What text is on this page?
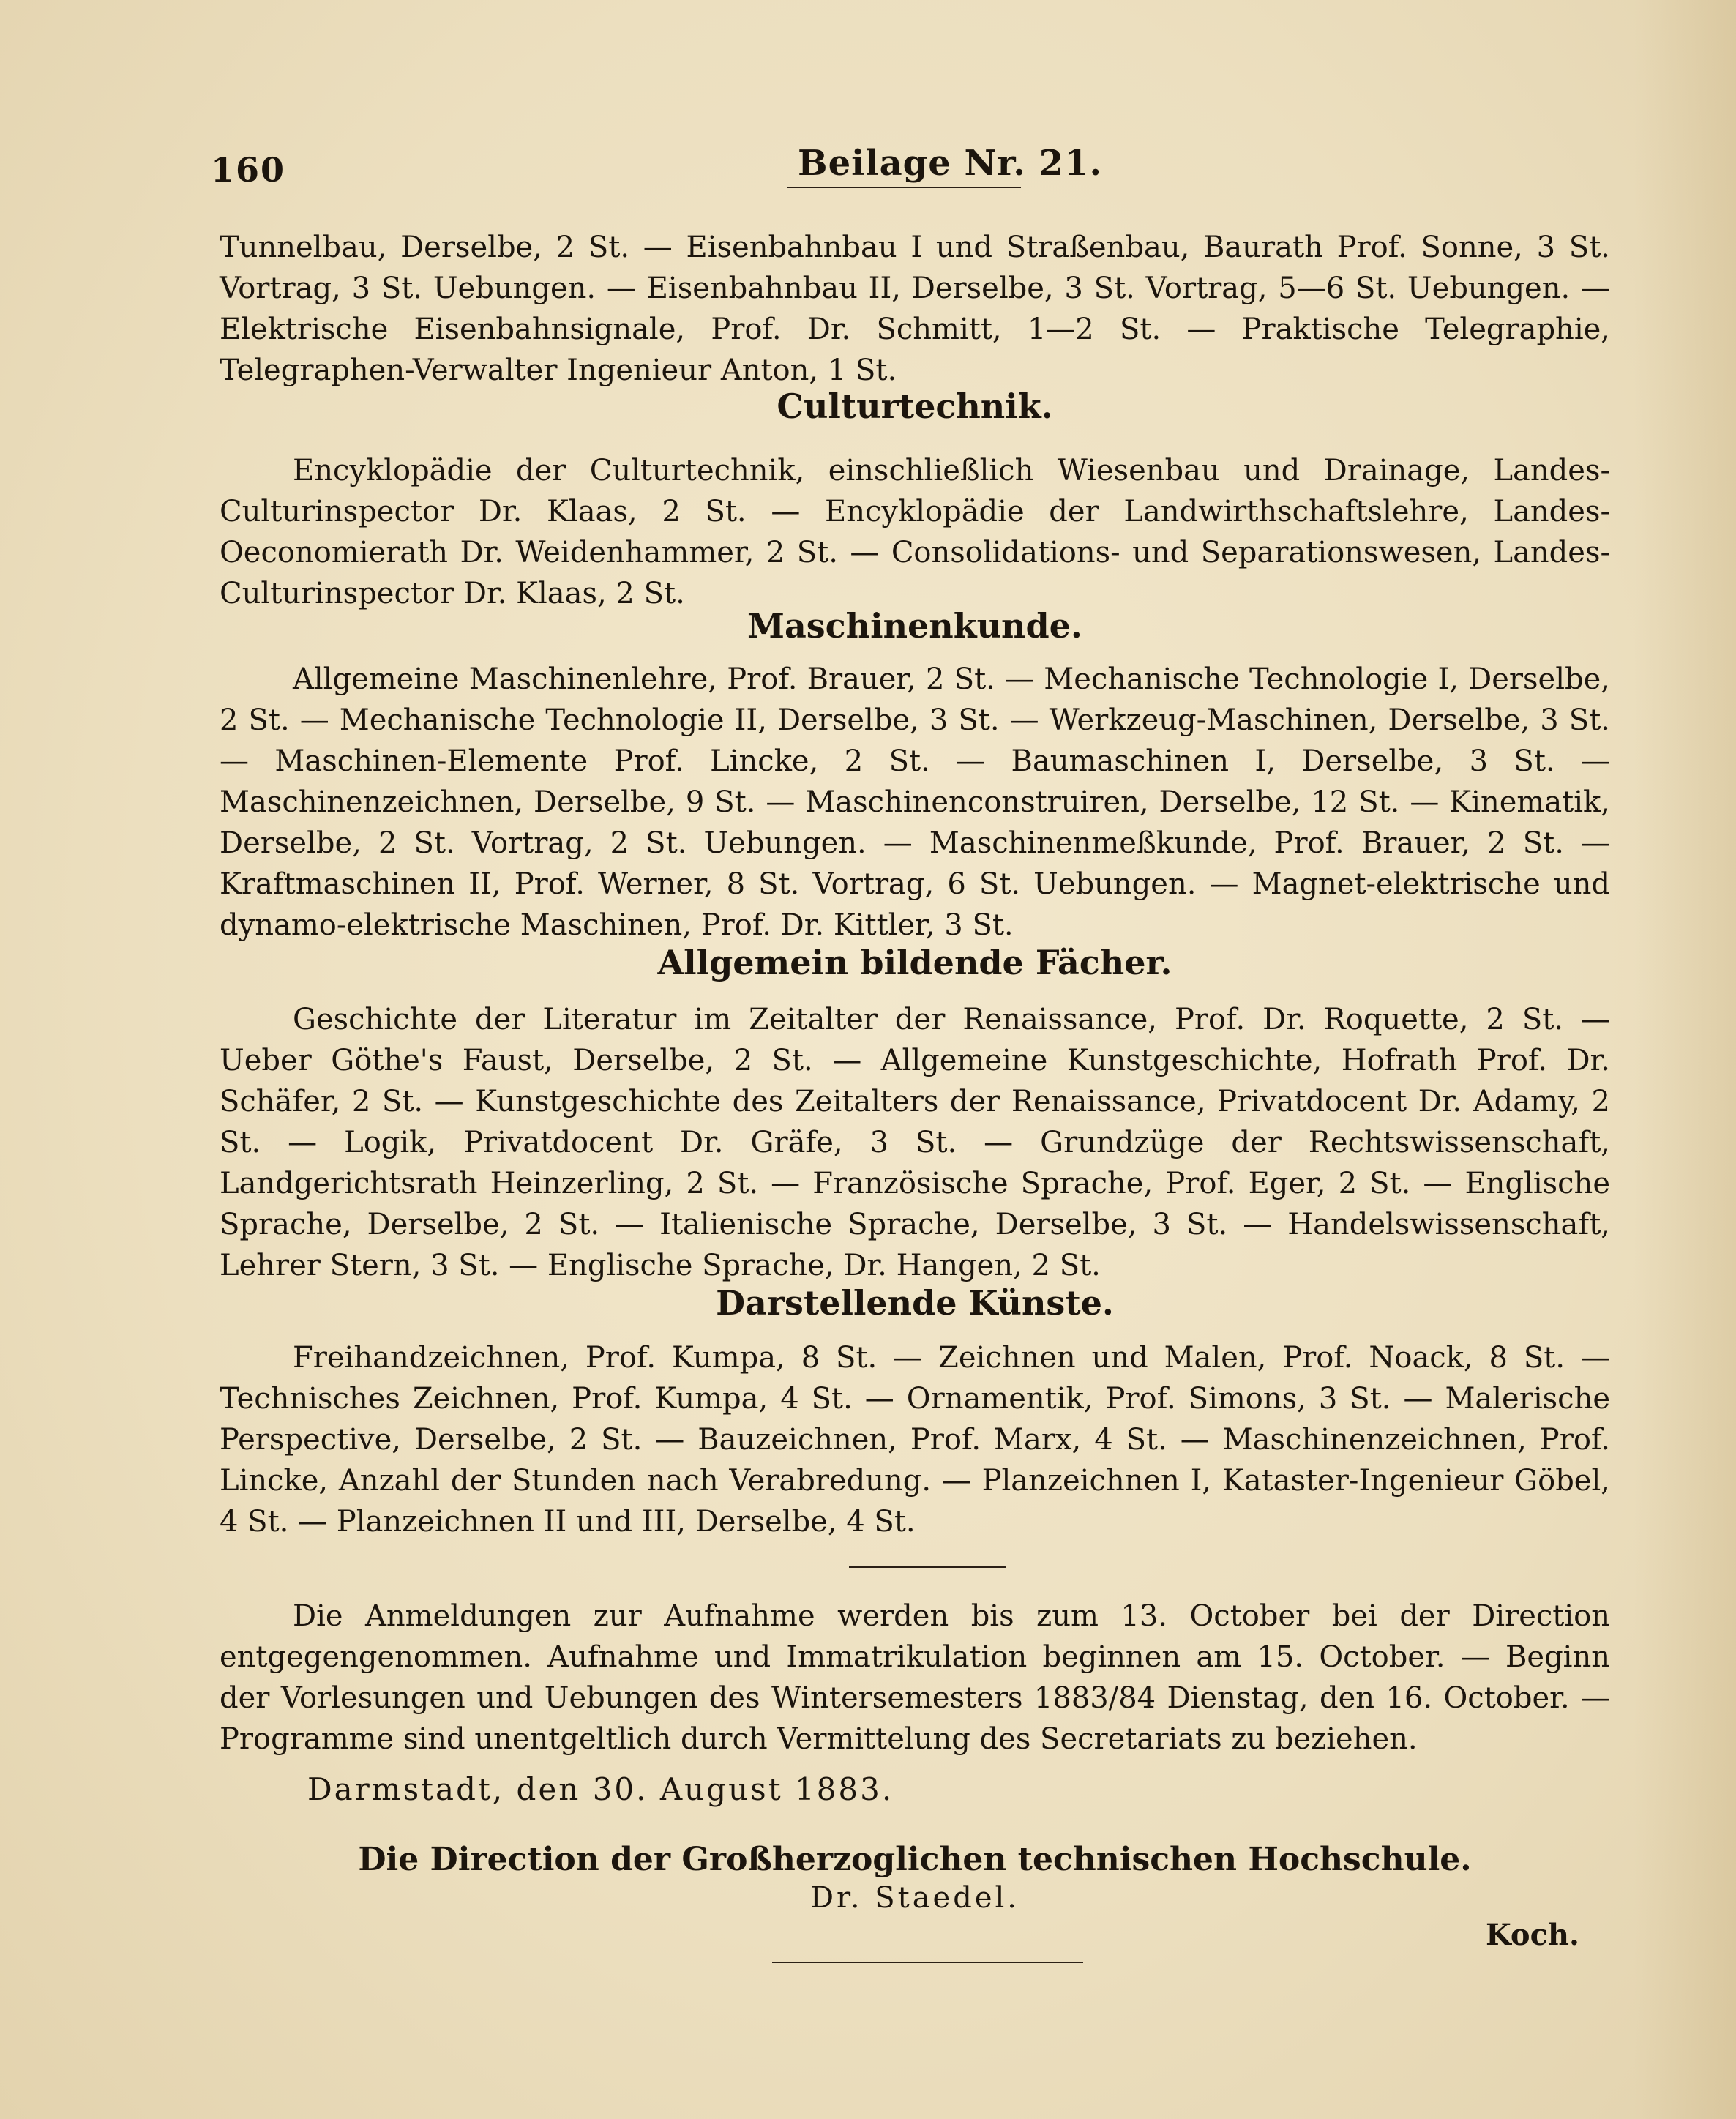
160	Beilage Nr. 21.

Tunnelbau, Derselbe, 2 St. — Eisenbahnbau I und Straßenbau, Baurath Prof. Sonne, 3 St. Vortrag, 3 St. Uebungen. — Eisenbahnbau II, Derselbe, 3 St. Vortrag, 5—6 St. Uebungen. — Elektrische Eisenbahnsignale, Prof. Dr. Schmitt, 1—2 St. — Praktische Telegraphie, Telegraphen-Verwalter Ingenieur Anton, 1 St.

Culturtechnik.

Encyklopädie der Culturtechnik, einschließlich Wiesenbau und Drainage, Landes-Culturinspector Dr. Klaas, 2 St. — Encyklopädie der Landwirthschaftslehre, Landes-Oeconomierath Dr. Weidenhammer, 2 St. — Consolidations- und Separationswesen, Landes-Culturinspector Dr. Klaas, 2 St.

Maschinenkunde.

Allgemeine Maschinenlehre, Prof. Brauer, 2 St. — Mechanische Technologie I, Derselbe, 2 St. — Mechanische Technologie II, Derselbe, 3 St. — Werkzeug-Maschinen, Derselbe, 3 St. — Maschinen-Elemente Prof. Lincke, 2 St. — Baumaschinen I, Derselbe, 3 St. — Maschinenzeichnen, Derselbe, 9 St. — Maschinenconstruiren, Derselbe, 12 St. — Kinematik, Derselbe, 2 St. Vortrag, 2 St. Uebungen. — Maschinenmeßkunde, Prof. Brauer, 2 St. — Kraftmaschinen II, Prof. Werner, 8 St. Vortrag, 6 St. Uebungen. — Magnet-elektrische und dynamo-elektrische Maschinen, Prof. Dr. Kittler, 3 St.

Allgemein bildende Fächer.

Geschichte der Literatur im Zeitalter der Renaissance, Prof. Dr. Roquette, 2 St. — Ueber Göthe's Faust, Derselbe, 2 St. — Allgemeine Kunstgeschichte, Hofrath Prof. Dr. Schäfer, 2 St. — Kunstgeschichte des Zeitalters der Renaissance, Privatdocent Dr. Adamy, 2 St. — Logik, Privatdocent Dr. Gräfe, 3 St. — Grundzüge der Rechtswissenschaft, Landgerichtsrath Heinzerling, 2 St. — Französische Sprache, Prof. Eger, 2 St. — Englische Sprache, Derselbe, 2 St. — Italienische Sprache, Derselbe, 3 St. — Handelswissenschaft, Lehrer Stern, 3 St. — Englische Sprache, Dr. Hangen, 2 St.

Darstellende Künste.

Freihandzeichnen, Prof. Kumpa, 8 St. — Zeichnen und Malen, Prof. Noack, 8 St. — Technisches Zeichnen, Prof. Kumpa, 4 St. — Ornamentik, Prof. Simons, 3 St. — Malerische Perspective, Derselbe, 2 St. — Bauzeichnen, Prof. Marx, 4 St. — Maschinenzeichnen, Prof. Lincke, Anzahl der Stunden nach Verabredung. — Planzeichnen I, Kataster-Ingenieur Göbel, 4 St. — Planzeichnen II und III, Derselbe, 4 St.

Die Anmeldungen zur Aufnahme werden bis zum 13. October bei der Direction entgegengenommen. Aufnahme und Immatrikulation beginnen am 15. October. — Beginn der Vorlesungen und Uebungen des Wintersemesters 1883/84 Dienstag, den 16. October. — Programme sind unentgeltlich durch Vermittelung des Secretariats zu beziehen.

Darmstadt, den 30. August 1883.
Die Direction der Großherzoglichen technischen Hochschule.
Dr. Staedel.
Koch.
